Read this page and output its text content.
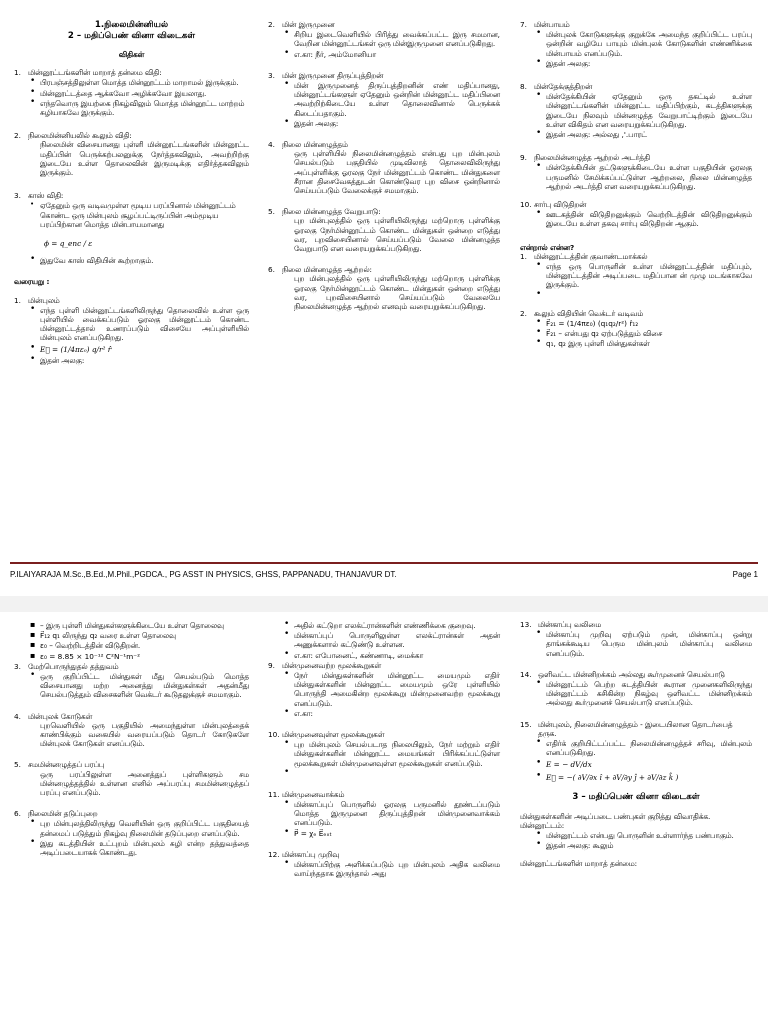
1.நிலைமின்னியல்
2 – மதிப்பெண் வினா விடைகள்
விதிகள்
1. மின்னூட்டங்களின் மாறாத் தன்மை விதி:
• பிரபஞ்சத்திலுள்ள மொத்த மின்னூட்டம் மாறாமல் இருக்கும்.
• மின்னூட்டத்தை ஆக்கவோ அழிக்கவோ இயலாது.
• எந்தவொரு இயற்கை நிகழ்விலும் மொத்த மின்னூட்ட மாற்றம் சுழியாகவே இருக்கும்.
2. நிலைமின்னியலில் கூலும் விதி:
நிலைமின் விசையானது புள்ளி மின்னூட்டங்களின் மின்னூட்ட மதிப்பின் பெருக்கற்பலனுக்கு நேர்த்தகவிலும், அவற்றிற்கு இடையே உள்ள தொலைவின் இருமடிக்கு எதிர்த்தகவிலும் இருக்கும்.
3. காஸ் விதி:
• ஏதேனும் ஒரு வடிவமுள்ள மூடிய பரப்பினால் மின்னூட்டம் கொண்ட ஒரு மின்புலம் சூழப்பட்டிருப்பின் அம்மூடிய பரப்பிற்கான மொத்த மின்பாயமானது
ϕ = q_enc / ε
• இதுவே காஸ் விதியின் கூற்றாகும்.
வரையறு :
1. மின்புலம்
• எந்த புள்ளி மின்னூட்டங்களிலிருந்து தொலைவில் உள்ள ஒரு புள்ளியில் வைக்கப்படும் ஓரலகு மின்னூட்டம் கொண்ட மின்னூட்டத்தால் உணரப்படும் விசையே அப்புள்ளியில் மின்புலம் எனப்படுகிறது.
• E⃗ = (1/4πε₀) q/r² r̂
• இதன் அலகு:
2. மின் இருமுனை
• சிறிய இடைவெளியில் பிரித்து வைக்கப்பட்ட இரு சமமான, வேறின மின்னூட்டங்கள் ஒரு மின்இருமுனை எனப்படுகிறது.
• எ.கா: நீர், அம்மோனியா
3. மின் இருமுனை திருப்புத்திறன்
• மின் இருமுனைத் திருப்புத்திறனின் எண் மதிப்பானது, மின்னூட்டங்களுள் ஏதேனும் ஒன்றின் மின்னூட்ட மதிப்பினை அவற்றிற்கிடையே உள்ள தொலைவினால் பெருக்கக் கிடைப்பதாகும்.
• இதன் அலகு:
4. நிலை மின்னழுத்தம்
ஒரு புள்ளியில் நிலைமின்னழுத்தம் என்பது புற மின்புலம் செயல்படும் பகுதியில் முடிவிலாத் தொலைவிலிருந்து அப்புள்ளிக்கு ஓரலகு நேர் மின்னூட்டம் கொண்ட மின்துகளை சீரான திசைவேகத்துடன் கொண்டுவர புற விசை ஒன்றினால் செய்யப்படும் வேலைக்குச் சமமாகும்.
5. நிலை மின்னழுத்த வேறுபாடு:
புற மின்புலத்தில் ஒரு புள்ளியிலிருந்து மற்றொரு புள்ளிக்கு ஓரலகு நேர்மின்னூட்டம் கொண்ட மின்துகள் ஒன்றை எடுத்து வர, புறவிசையினால் செய்யப்படும் வேலை மின்னழுத்த வேறுபாடு என வரையறுக்கப்படுகிறது.
6. நிலை மின்னழுத்த ஆற்றல்:
புற மின்புலத்தில் ஒரு புள்ளியிலிருந்து மற்றொரு புள்ளிக்கு ஓரலகு நேர்மின்னூட்டம் கொண்ட மின்துகள் ஒன்றை எடுத்து வர, புறவிசையினால் செய்யப்படும் வேலையே நிலைமின்னழுத்த ஆற்றல் எனவும் வரையறுக்கப்படுகிறது.
7. மின்பாயம்
• மின்புலக் கோடுகளுக்கு குறுக்கே அமைந்த குறிப்பிட்ட பரப்பு ஒன்றின் வழியே பாயும் மின்புலக் கோடுகளின் எண்ணிக்கை மின்பாயம் எனப்படும்.
• இதன் அலகு:
8. மின்தேக்குத்திறன்
• மின்தேக்கியின் ஏதேனும் ஒரு தகட்டில் உள்ள மின்னூட்டங்களின் மின்னூட்ட மதிப்பிற்கும், கடத்திகளுக்கு இடையே நிலவும் மின்னழுத்த வேறுபாட்டிற்கும் இடையே உள்ள விகிதம் என வரையறுக்கப்படுகிறது.
• இதன் அலகு: அல்லது ,'.பாரட்
9. நிலைமின்னழுத்த ஆற்றல் அடர்த்தி
• மின்தேக்கியின் தட்டுகளுக்கிடையே உள்ள பகுதியின் ஓரலகு பருமனில் சேமிக்கப்பட்டுள்ள ஆற்றலை, நிலை மின்னழுத்த ஆற்றல் அடர்த்தி என வரையறுக்கப்படுகிறது.
10. சார்பு விடுதிறன்
• ஊடகத்தின் விடுதிறனுக்கும் வெற்றிடத்தின் விடுதிறனுக்கும் இடையே உள்ள தகவு சார்பு விடுதிறன் ஆகும்.
என்றால் என்ன?
1. மின்னூட்டத்தின் குவாண்டமாக்கல்
• எந்த ஒரு பொருளின் உள்ள மின்னூட்டத்தின் மதிப்பும், மின்னூட்டத்தின் அடிப்படை மதிப்பான ன் முழு மடங்காகவே இருக்கும்.
•
2. கூலும் விதியின் வெக்டர் வடிவம்
• F⃗₂₁ = (1/4πε₀) (q₁q₂/r²) r̂₁₂
• F⃗₂₁ – என்பது q₂ ஏற்படுத்தும் விசை
• q₁, q₂ இரு புள்ளி மின்துகள்கள்
P.ILAIYARAJA M.Sc.,B.Ed.,M.Phil.,PGDCA., PG ASST IN PHYSICS, GHSS, PAPPANADU, THANJAVUR DT.	Page 1
▪ – இரு புள்ளி மின்துகள்களுக்கிடையே உள்ள தொலைவு
▪ F⃗₁₂ q₁ லிருந்து q₂ வரை உள்ள தொலைவு
▪ ε₀ – வெற்றிடத்தின் விடுதிறன்.
▪ ε₀ = 8.85 × 10⁻¹² C²N⁻¹m⁻²
3. மேற்பொருந்துதல் தத்துவம்
• ஒரு குறிப்பிட்ட மின்துகள் மீது செயல்படும் மொத்த விசையானது மற்ற அனைத்து மின்துகள்கள் அதன்மீது செயல்படுத்தும் விசைகளின் வெக்டர் கூடுதலுக்குச் சமமாகும்.
4. மின்புலக் கோடுகள்
புறவெளியில் ஒரு பகுதியில் அமைந்துள்ள மின்புலத்தைக் காண்பிக்கும் வகையில் வரையப்படும் தொடர் கோடுகளே மின்புலக் கோடுகள் எனப்படும்.
5. சமமின்னழுத்தப் பரப்பு
ஒரு பரப்பிலுள்ள அனைத்துப் புள்ளிகளும் சம மின்னழுத்தத்தில் உள்ளன எனில் அப்பரப்பு சமமின்னழுத்தப் பரப்பு எனப்படும்.
6. நிலைமின் தடுப்புறை
• புற மின்புலத்திலிருந்து வெளியின் ஒரு குறிப்பிட்ட பகுதியைத் தன்மைப் படுத்தும் நிகழ்வு நிலைமின் தடுப்புறை எனப்படும்.
• இது கடத்தியின் உட்புறம் மின்புலம் சுழி என்ற தத்துவத்தை அடிப்படையாகக் கொண்டது.
• அதில் கட்டுறா எலக்ட்ரான்களின் எண்ணிக்கை குறைவு.
• மின்காப்புப் பொருளிலுள்ள எலக்ட்ரான்கள் அதன் அணுக்களால் கட்டுண்டு உள்ளன.
• எ.கா: எபோனைட், கண்ணாடி, மைக்கா
9. மின்முனைவற்ற மூலக்கூறுகள்
• நேர் மின்துகள்களின் மின்னூட்ட மையமும் எதிர் மின்துகள்களின் மின்னூட்ட மையமும் ஒரே புள்ளியில் பொருந்தி அமைகின்ற மூலக்கூறு மின்முனைவற்ற மூலக்கூறு எனப்படும்.
• எ.கா:
10. மின்முனைவுள்ள மூலக்கூறுகள்
• புற மின்புலம் செயல்படாத நிலையிலும், நேர் மற்றும் எதிர் மின்துகள்களின் மின்னூட்ட மையங்கள் பிரிக்கப்பட்டுள்ள மூலக்கூறுகள் மின்முனைவுள்ள மூலக்கூறுகள் எனப்படும்.
•
11. மின்முனைவாக்கம்
• மின்காப்புப் பொருளில் ஓரலகு பருமனில் தூண்டப்படும் மொத்த இருமுனை திருப்புத்திறன் மின்முனைவாக்கம் எனப்படும்.
• P⃗ = χₑ E⃗ₑₓₜ
12. மின்காப்பு முறிவு
• மின்காப்பிற்கு அளிக்கப்படும் புற மின்புலம் அதிக வலிமை வாய்ந்ததாக இருந்தால் அது
13. மின்காப்பு வலிமை
• மின்காப்பு முறிவு ஏற்படும் முன், மின்காப்பு ஒன்று தாங்கக்கூடிய பெரும மின்புலம் மின்காப்பு வலிமை எனப்படும்.
14. ஒளிவட்ட மின்னிறக்கம் அல்லது கூர்முனைச் செயல்பாடு
• மின்னூட்டம் பெற்ற கடத்தியின் கூரான முனைகளிலிருந்து மின்னூட்டம் கசிகின்ற நிகழ்வு ஒளிவட்ட மின்னிறக்கம் அல்லது கூர்முனைச் செயல்பாடு எனப்படும்.
15. மின்புலம், நிலைமின்னழுத்தம் - இடையிலான தொடர்பைத் தருக.
• எதிர்க் குறியிட்டப்பட்ட நிலைமின்னழுத்தச் சரிவு, மின்புலம் எனப்படுகிறது.
• E = − dV/dx
• E⃗ = −( ∂V/∂x î + ∂V/∂y ĵ + ∂V/∂z k̂ )
3 – மதிப்பெண் வினா விடைகள்
மின்துகள்களின் அடிப்படை பண்புகள் குறித்து விவாதிக்க.
மின்னூட்டம்:
• மின்னூட்டம் என்பது பொருளின் உள்ளார்ந்த பண்பாகும்.
• இதன் அலகு: கூலும்
மின்னூட்டங்களின் மாறாத் தன்மை:
